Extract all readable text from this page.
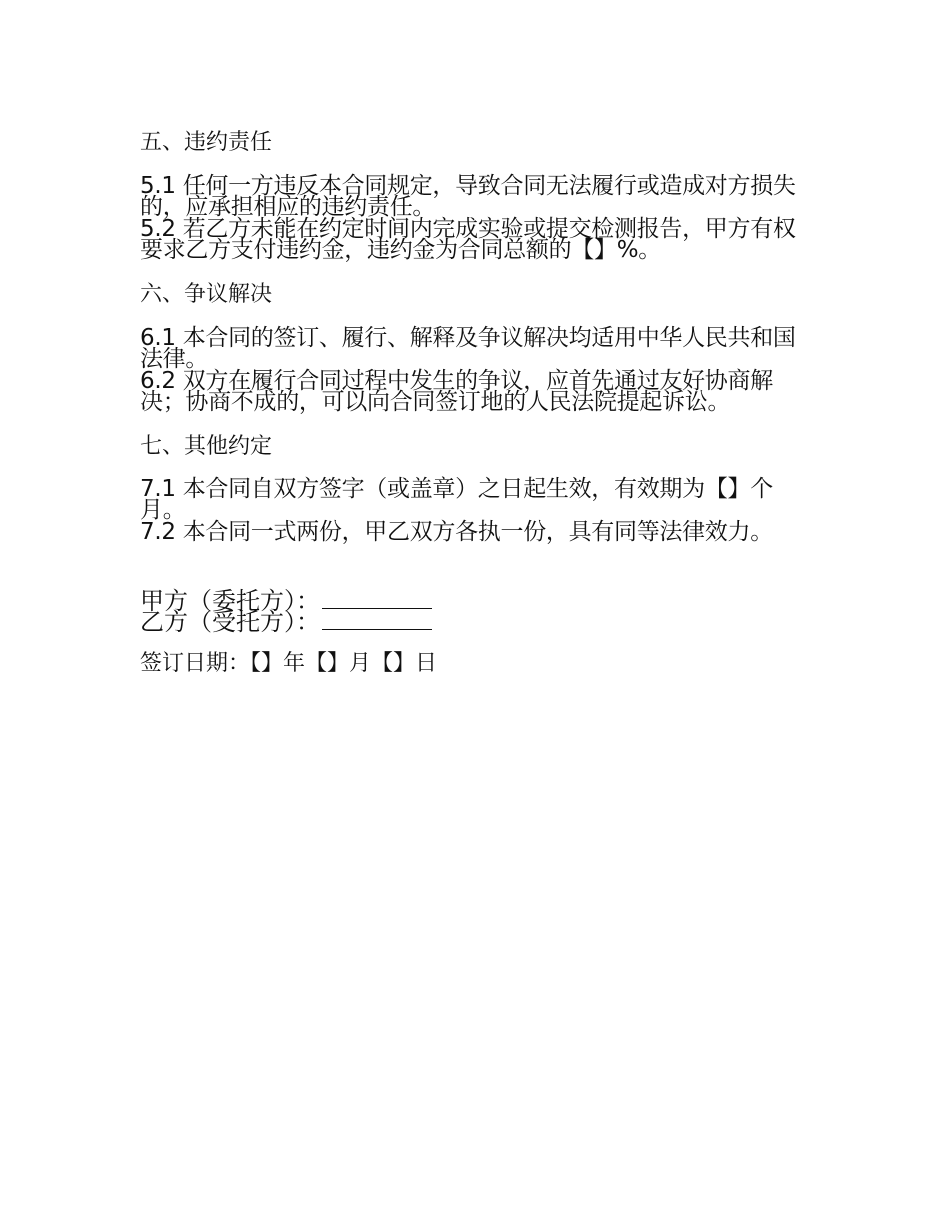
五、违约责任
5.1 任何一方违反本合同规定，导致合同无法履行或造成对方损失的，应承担相应的违约责任。
5.2 若乙方未能在约定时间内完成实验或提交检测报告，甲方有权要求乙方支付违约金，违约金为合同总额的【】%。
六、争议解决
6.1 本合同的签订、履行、解释及争议解决均适用中华人民共和国法律。
6.2 双方在履行合同过程中发生的争议，应首先通过友好协商解决；协商不成的，可以向合同签订地的人民法院提起诉讼。
七、其他约定
7.1 本合同自双方签字（或盖章）之日起生效，有效期为【】个月。
7.2 本合同一式两份，甲乙双方各执一份，具有同等法律效力。
甲方（委托方）：
乙方（受托方）：
签订日期：【】年【】月【】日
